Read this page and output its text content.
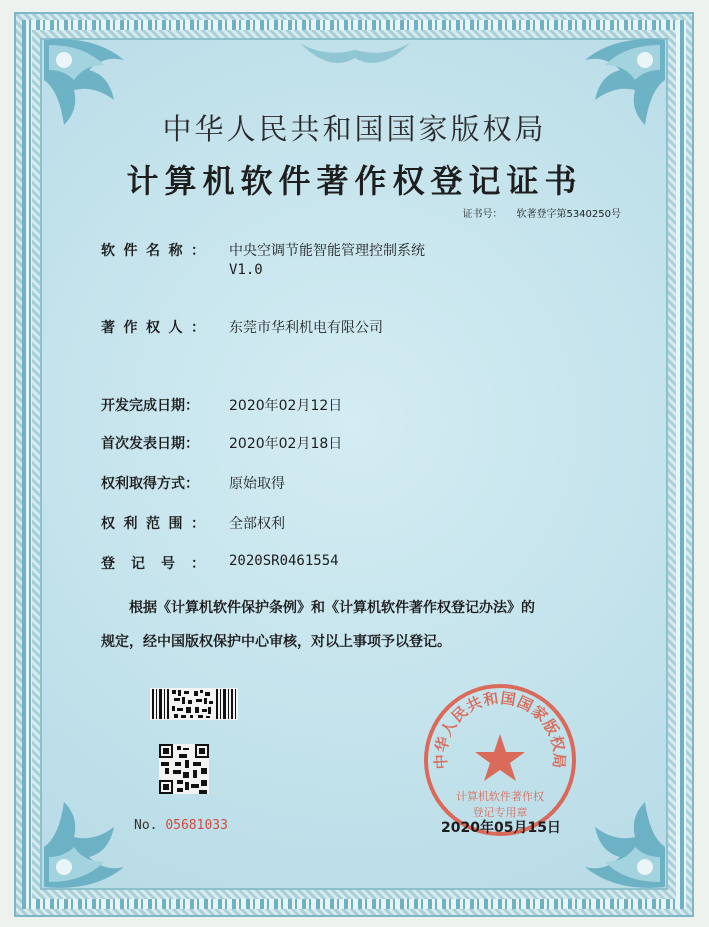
中华人民共和国国家版权局
计算机软件著作权登记证书
证书号： 软著登字第5340250号
软件名称： 中央空调节能智能管理控制系统
V1.0
著作权人： 东莞市华利机电有限公司
开发完成日期： 2020年02月12日
首次发表日期： 2020年02月18日
权利取得方式： 原始取得
权利范围： 全部权利
登记号： 2020SR0461554
根据《计算机软件保护条例》和《计算机软件著作权登记办法》的
规定，经中国版权保护中心审核，对以上事项予以登记。
No. 05681033
中华人民共和国国家版权局
计算机软件著作权
登记专用章
2020年05月15日
